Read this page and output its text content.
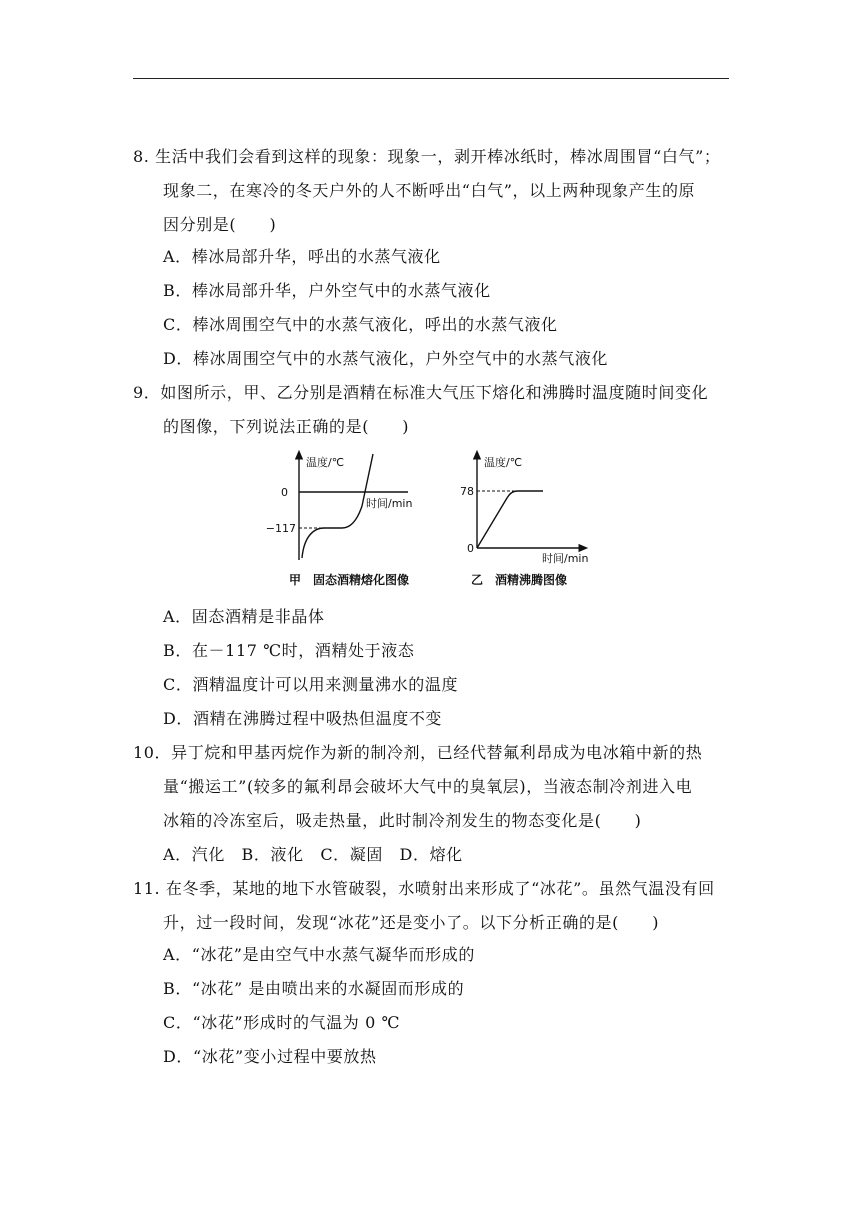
8. 生活中我们会看到这样的现象：现象一，剥开棒冰纸时，棒冰周围冒“白气”；
现象二，在寒冷的冬天户外的人不断呼出“白气”，以上两种现象产生的原
因分别是(　　)
A．棒冰局部升华，呼出的水蒸气液化
B．棒冰局部升华，户外空气中的水蒸气液化
C．棒冰周围空气中的水蒸气液化，呼出的水蒸气液化
D．棒冰周围空气中的水蒸气液化，户外空气中的水蒸气液化
9．如图所示，甲、乙分别是酒精在标准大气压下熔化和沸腾时温度随时间变化
的图像，下列说法正确的是(　　)
温度/℃
0
−117
时间/min
甲　固态酒精熔化图像
温度/℃
78
0
时间/min
乙　酒精沸腾图像
A．固态酒精是非晶体
B．在－117 ℃时，酒精处于液态
C．酒精温度计可以用来测量沸水的温度
D．酒精在沸腾过程中吸热但温度不变
10．异丁烷和甲基丙烷作为新的制冷剂，已经代替氟利昂成为电冰箱中新的热
量“搬运工”(较多的氟利昂会破坏大气中的臭氧层)，当液态制冷剂进入电
冰箱的冷冻室后，吸走热量，此时制冷剂发生的物态变化是(　　)
A．汽化　B．液化　C．凝固　D．熔化
11. 在冬季，某地的地下水管破裂，水喷射出来形成了“冰花”。虽然气温没有回
升，过一段时间，发现“冰花”还是变小了。以下分析正确的是(　　)
A．“冰花”是由空气中水蒸气凝华而形成的
B．“冰花” 是由喷出来的水凝固而形成的
C．“冰花”形成时的气温为 0 ℃
D．“冰花”变小过程中要放热
